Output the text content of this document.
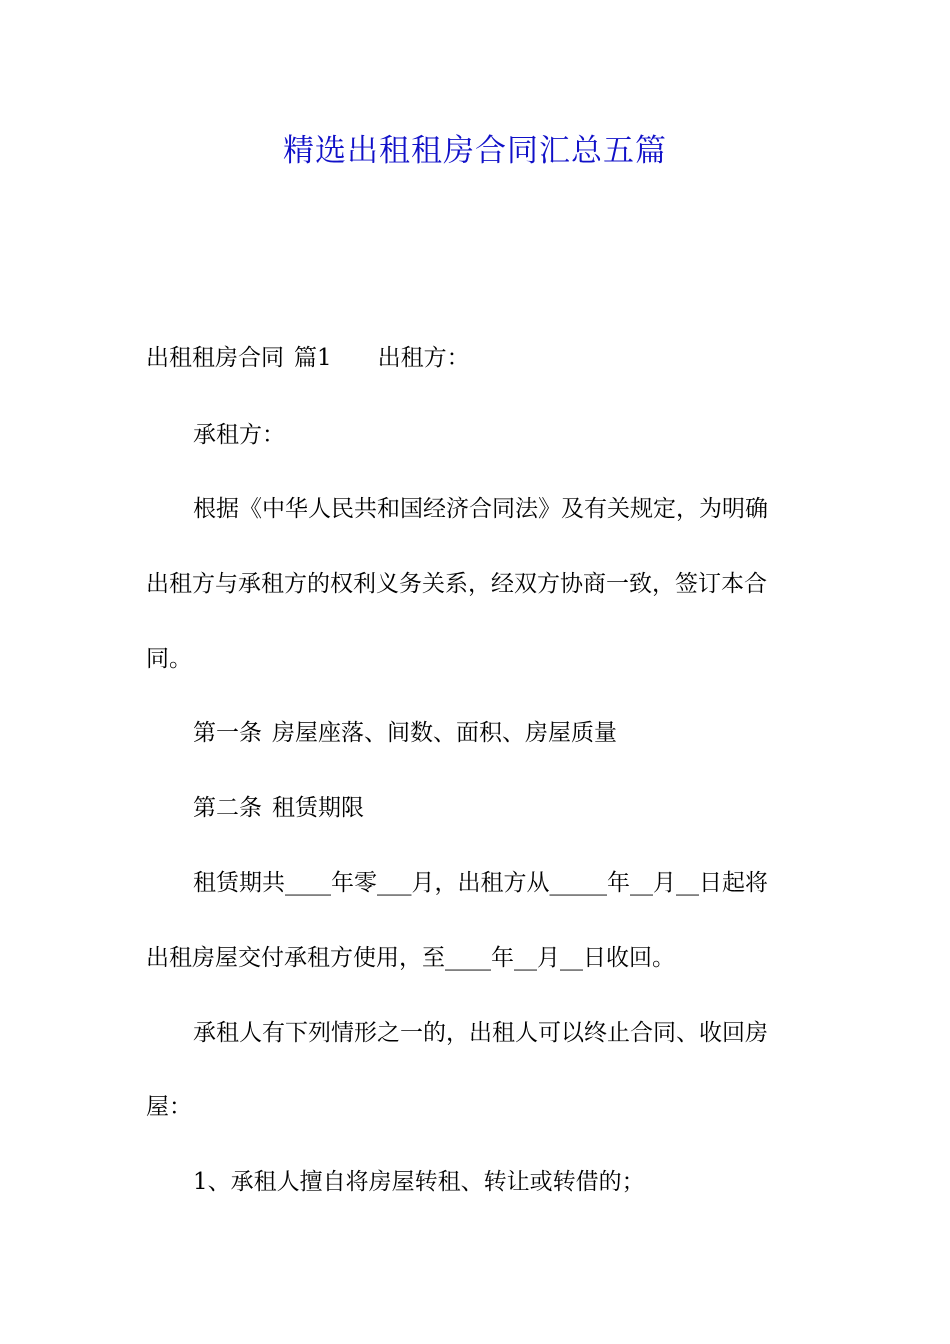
精选出租租房合同汇总五篇

出租租房合同 篇1 出租方：

承租方：

根据《中华人民共和国经济合同法》及有关规定，为明确

出租方与承租方的权利义务关系，经双方协商一致，签订本合

同。

第一条 房屋座落、间数、面积、房屋质量

第二条 租赁期限

租赁期共____年零___月，出租方从_____年__月__日起将

出租房屋交付承租方使用，至____年__月__日收回。

承租人有下列情形之一的，出租人可以终止合同、收回房

屋：

1、承租人擅自将房屋转租、转让或转借的；
